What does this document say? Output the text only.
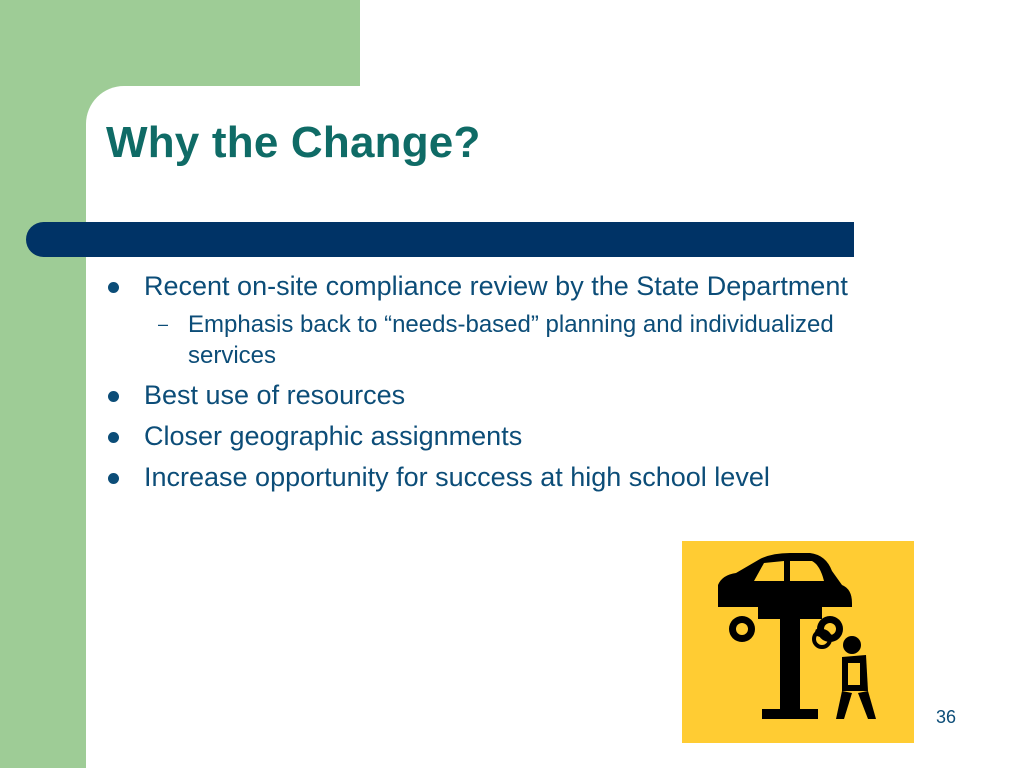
Why the Change?
Recent on-site compliance review by the State Department
– Emphasis back to “needs-based” planning and individualized services
Best use of resources
Closer geographic assignments
Increase opportunity for success at high school level
36
